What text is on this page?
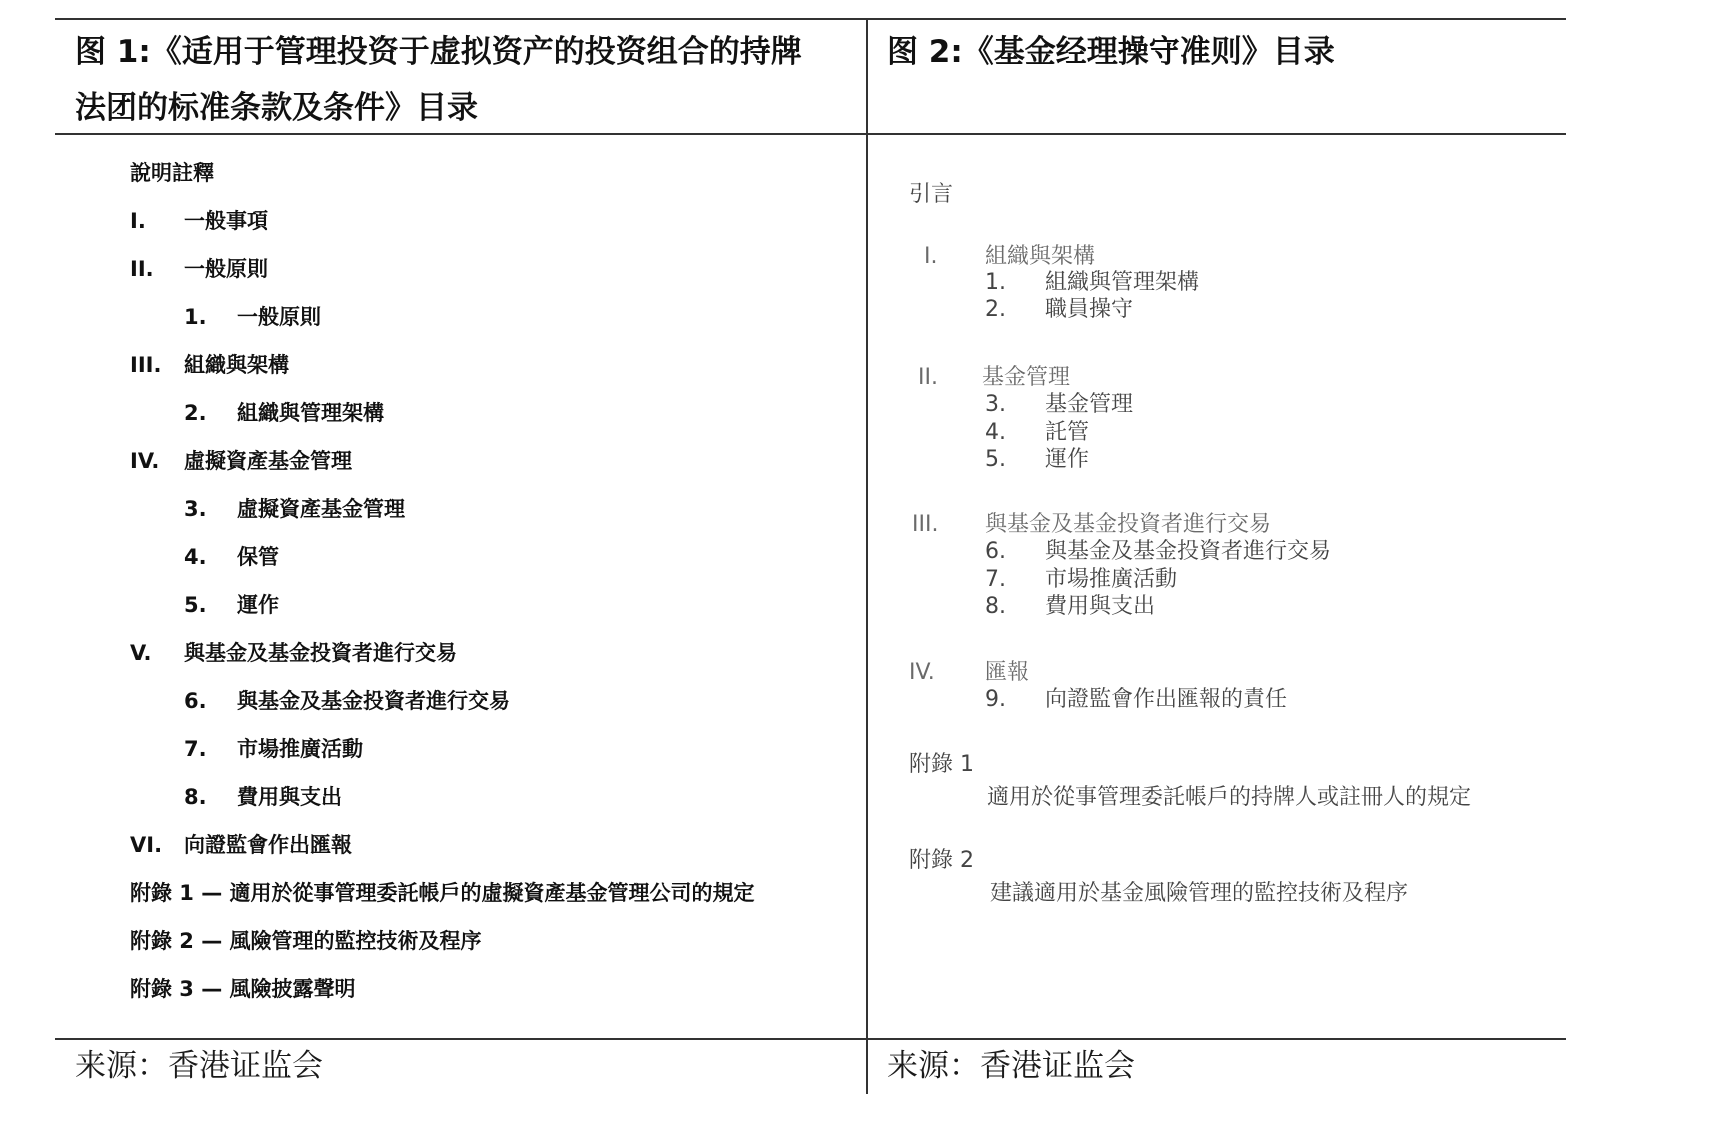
图 1:《适用于管理投资于虚拟资产的投资组合的持牌
法团的标准条款及条件》目录
图 2:《基金经理操守准则》目录
說明註釋
I. 一般事項
II. 一般原則
1. 一般原則
III. 組織與架構
2. 組織與管理架構
IV. 虛擬資產基金管理
3. 虛擬資產基金管理
4. 保管
5. 運作
V. 與基金及基金投資者進行交易
6. 與基金及基金投資者進行交易
7. 市場推廣活動
8. 費用與支出
VI. 向證監會作出匯報
附錄 1 — 適用於從事管理委託帳戶的虛擬資產基金管理公司的規定
附錄 2 — 風險管理的監控技術及程序
附錄 3 — 風險披露聲明
引言
I. 組織與架構
1. 組織與管理架構
2. 職員操守
II. 基金管理
3. 基金管理
4. 託管
5. 運作
III. 與基金及基金投資者進行交易
6. 與基金及基金投資者進行交易
7. 市場推廣活動
8. 費用與支出
IV. 匯報
9. 向證監會作出匯報的責任
附錄 1
適用於從事管理委託帳戶的持牌人或註冊人的規定
附錄 2
建議適用於基金風險管理的監控技術及程序
来源：香港证监会	来源：香港证监会
